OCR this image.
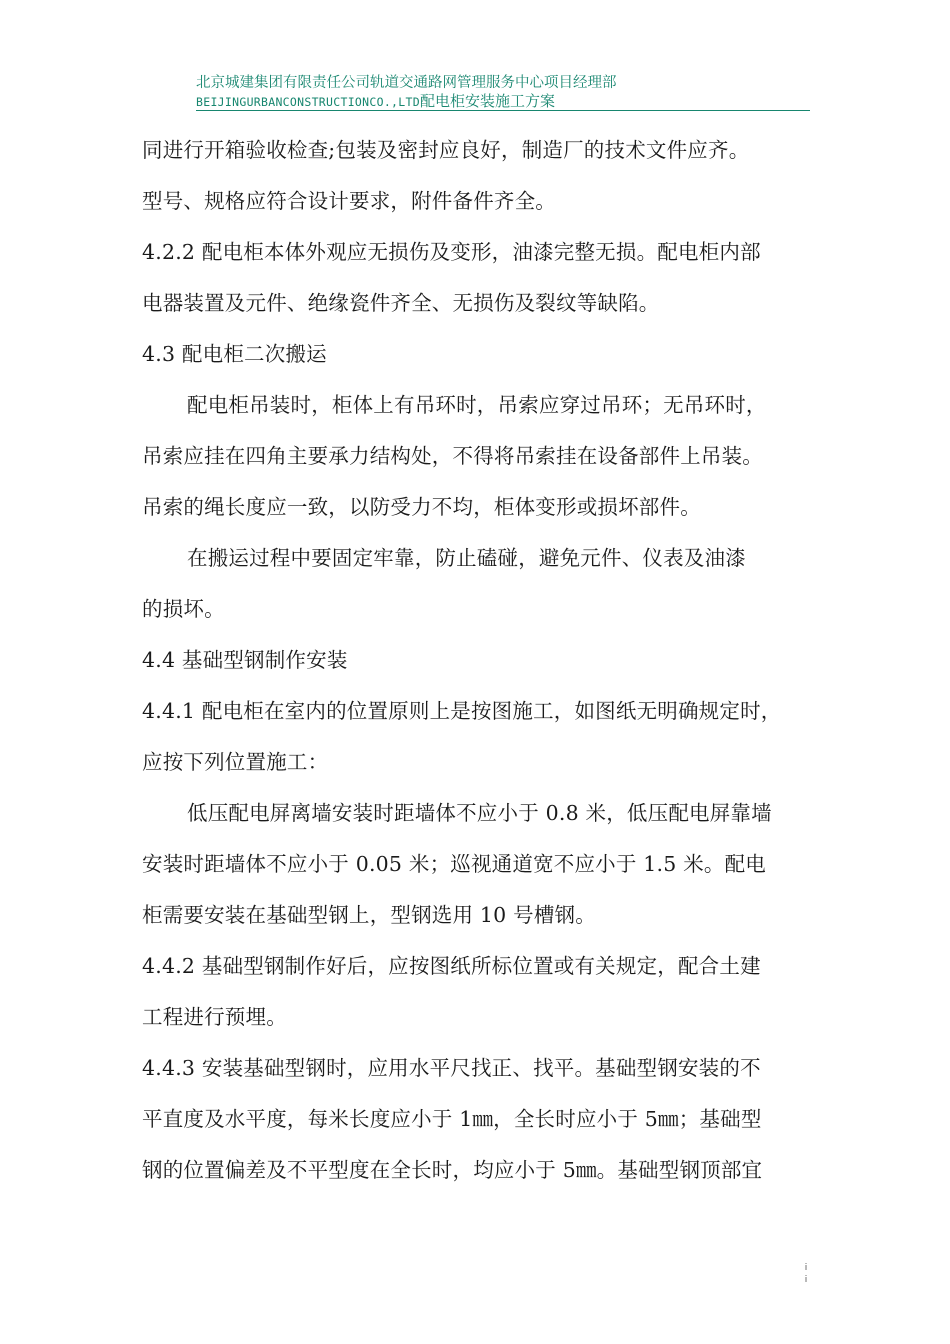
北京城建集团有限责任公司轨道交通路网管理服务中心项目经理部
BEIJINGURBANCONSTRUCTIONCO.,LTD配电柜安装施工方案
同进行开箱验收检查;包装及密封应良好，制造厂的技术文件应齐。
型号、规格应符合设计要求，附件备件齐全。
4.2.2 配电柜本体外观应无损伤及变形，油漆完整无损。配电柜内部
电器装置及元件、绝缘瓷件齐全、无损伤及裂纹等缺陷。
4.3 配电柜二次搬运
配电柜吊装时，柜体上有吊环时，吊索应穿过吊环；无吊环时，
吊索应挂在四角主要承力结构处，不得将吊索挂在设备部件上吊装。
吊索的绳长度应一致，以防受力不均，柜体变形或损坏部件。
在搬运过程中要固定牢靠，防止磕碰，避免元件、仪表及油漆
的损坏。
4.4 基础型钢制作安装
4.4.1 配电柜在室内的位置原则上是按图施工，如图纸无明确规定时，
应按下列位置施工：
低压配电屏离墙安装时距墙体不应小于 0.8 米，低压配电屏靠墙
安装时距墙体不应小于 0.05 米；巡视通道宽不应小于 1.5 米。配电
柜需要安装在基础型钢上，型钢选用 10 号槽钢。
4.4.2 基础型钢制作好后，应按图纸所标位置或有关规定，配合土建
工程进行预埋。
4.4.3 安装基础型钢时，应用水平尺找正、找平。基础型钢安装的不
平直度及水平度，每米长度应小于 1㎜，全长时应小于 5㎜；基础型
钢的位置偏差及不平型度在全长时，均应小于 5㎜。基础型钢顶部宜
i
i
